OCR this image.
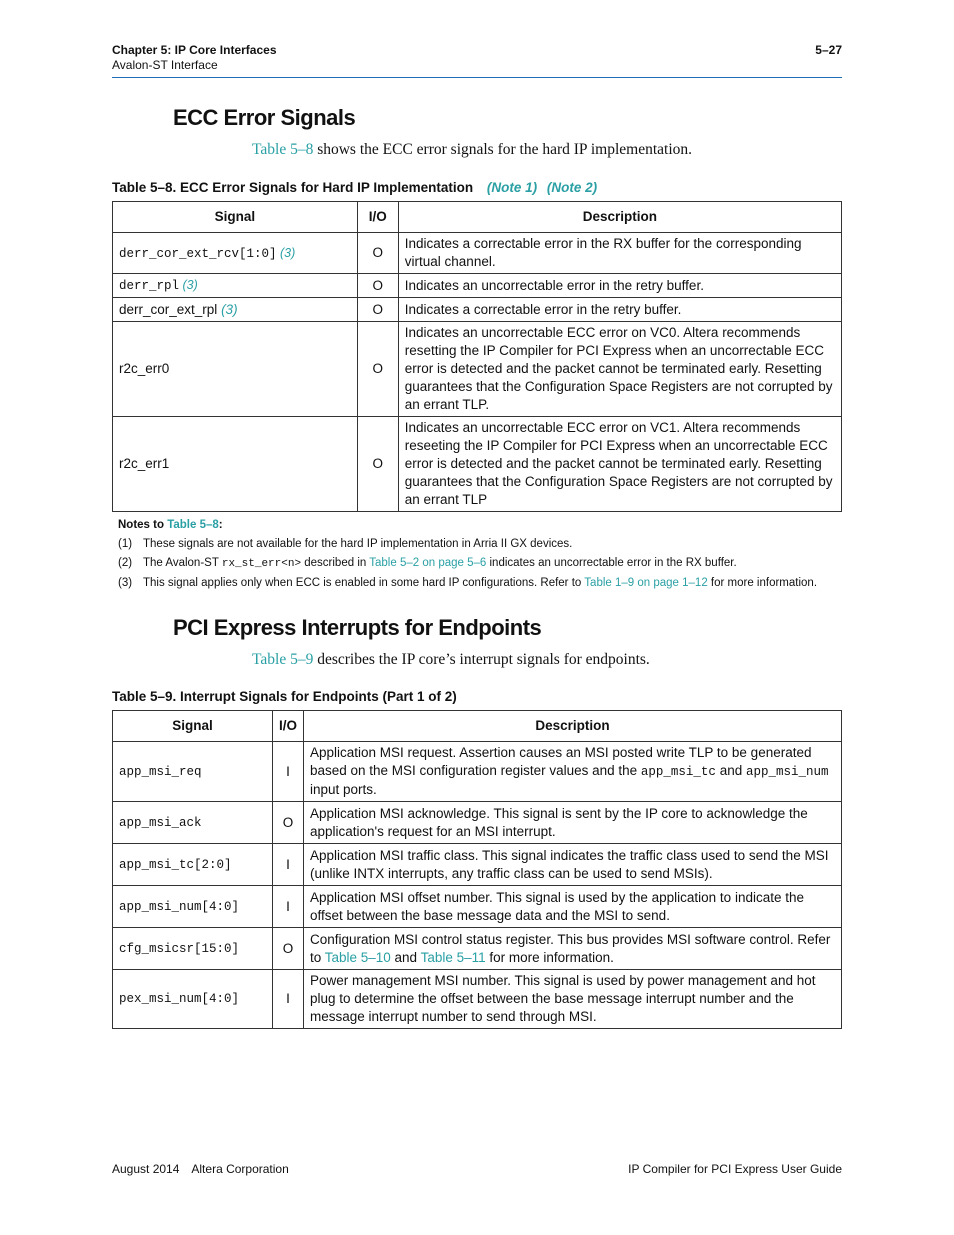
Chapter 5: IP Core Interfaces
Avalon-ST Interface
5–27
ECC Error Signals
Table 5–8 shows the ECC error signals for the hard IP implementation.
Table 5–8. ECC Error Signals for Hard IP Implementation (Note 1) (Note 2)
Signal	I/O	Description
derr_cor_ext_rcv[1:0] (3)	O	Indicates a correctable error in the RX buffer for the corresponding virtual channel.
derr_rpl (3)	O	Indicates an uncorrectable error in the retry buffer.
derr_cor_ext_rpl (3)	O	Indicates a correctable error in the retry buffer.
r2c_err0	O	Indicates an uncorrectable ECC error on VC0. Altera recommends resetting the IP Compiler for PCI Express when an uncorrectable ECC error is detected and the packet cannot be terminated early. Resetting guarantees that the Configuration Space Registers are not corrupted by an errant TLP.
r2c_err1	O	Indicates an uncorrectable ECC error on VC1. Altera recommends reseeting the IP Compiler for PCI Express when an uncorrectable ECC error is detected and the packet cannot be terminated early. Resetting guarantees that the Configuration Space Registers are not corrupted by an errant TLP
Notes to Table 5–8:
(1) These signals are not available for the hard IP implementation in Arria II GX devices.
(2) The Avalon-ST rx_st_err<n> described in Table 5–2 on page 5–6 indicates an uncorrectable error in the RX buffer.
(3) This signal applies only when ECC is enabled in some hard IP configurations. Refer to Table 1–9 on page 1–12 for more information.
PCI Express Interrupts for Endpoints
Table 5–9 describes the IP core’s interrupt signals for endpoints.
Table 5–9. Interrupt Signals for Endpoints (Part 1 of 2)
Signal	I/O	Description
app_msi_req	I	Application MSI request. Assertion causes an MSI posted write TLP to be generated based on the MSI configuration register values and the app_msi_tc and app_msi_num input ports.
app_msi_ack	O	Application MSI acknowledge. This signal is sent by the IP core to acknowledge the application's request for an MSI interrupt.
app_msi_tc[2:0]	I	Application MSI traffic class. This signal indicates the traffic class used to send the MSI (unlike INTX interrupts, any traffic class can be used to send MSIs).
app_msi_num[4:0]	I	Application MSI offset number. This signal is used by the application to indicate the offset between the base message data and the MSI to send.
cfg_msicsr[15:0]	O	Configuration MSI control status register. This bus provides MSI software control. Refer to Table 5–10 and Table 5–11 for more information.
pex_msi_num[4:0]	I	Power management MSI number. This signal is used by power management and hot plug to determine the offset between the base message interrupt number and the message interrupt number to send through MSI.
August 2014 Altera Corporation	IP Compiler for PCI Express User Guide
